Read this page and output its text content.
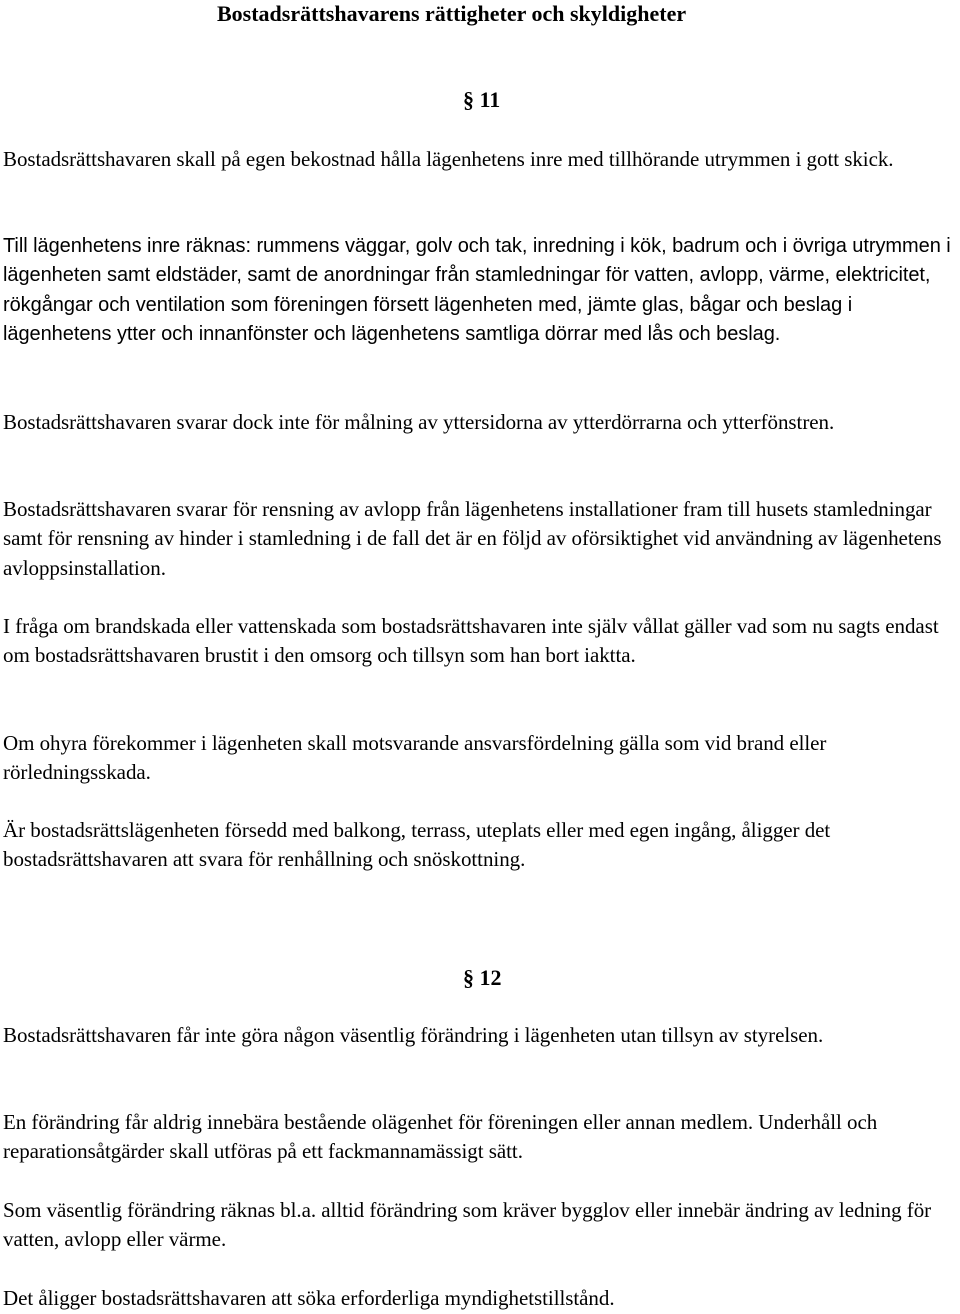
Bostadsrättshavarens rättigheter och skyldigheter
§ 11

Bostadsrättshavaren skall på egen bekostnad hålla lägenhetens inre med tillhörande utrymmen i gott skick.

Till lägenhetens inre räknas: rummens väggar, golv och tak, inredning i kök, badrum och i övriga utrymmen i lägenheten samt eldstäder, samt de anordningar från stamledningar för vatten, avlopp, värme, elektricitet, rökgångar och ventilation som föreningen försett lägenheten med, jämte glas, bågar och beslag i lägenhetens ytter och innanfönster och lägenhetens samtliga dörrar med lås och beslag.

Bostadsrättshavaren svarar dock inte för målning av yttersidorna av ytterdörrarna och ytterfönstren.

Bostadsrättshavaren svarar för rensning av avlopp från lägenhetens installationer fram till husets stamledningar samt för rensning av hinder i stamledning i de fall det är en följd av oförsiktighet vid användning av lägenhetens avloppsinstallation.

I fråga om brandskada eller vattenskada som bostadsrättshavaren inte själv vållat gäller vad som nu sagts endast om bostadsrättshavaren brustit i den omsorg och tillsyn som han bort iaktta.

Om ohyra förekommer i lägenheten skall motsvarande ansvarsfördelning gälla som vid brand eller rörledningsskada.

Är bostadsrättslägenheten försedd med balkong, terrass, uteplats eller med egen ingång, åligger det bostadsrättshavaren att svara för renhållning och snöskottning.

§ 12

Bostadsrättshavaren får inte göra någon väsentlig förändring i lägenheten utan tillsyn av styrelsen.

En förändring får aldrig innebära bestående olägenhet för föreningen eller annan medlem. Underhåll och reparationsåtgärder skall utföras på ett fackmannamässigt sätt.

Som väsentlig förändring räknas bl.a. alltid förändring som kräver bygglov eller innebär ändring av ledning för vatten, avlopp eller värme.

Det åligger bostadsrättshavaren att söka erforderliga myndighetstillstånd.
